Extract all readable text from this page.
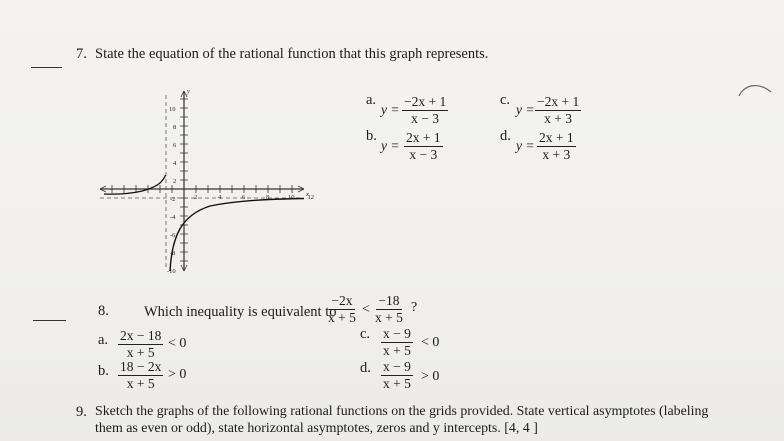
7. State the equation of the rational function that this graph represents.
y
x
2	4	6	8	10 12
10
8
6
4
2
-2
-4
-6
-8
-10
a.
$y = \frac{-2x + 1}{x - 3}$
b.
$y = \frac{2x + 1}{x - 3}$
c.
$y = \frac{-2x + 1}{x + 3}$
d.
$y = \frac{2x + 1}{x + 3}$
8. Which inequality is equivalent to
$\frac{-2x}{x + 5} < \frac{-18}{x + 5}$ ?
a. $\frac{2x - 18}{x + 5} < 0$
b. $\frac{18 - 2x}{x + 5} > 0$
c. $\frac{x - 9}{x + 5} < 0$
d. $\frac{x - 9}{x + 5} > 0$
9. Sketch the graphs of the following rational functions on the grids provided. State vertical asymptotes (labeling
them as even or odd), state horizontal asymptotes, zeros and y intercepts. [4, 4 ]
